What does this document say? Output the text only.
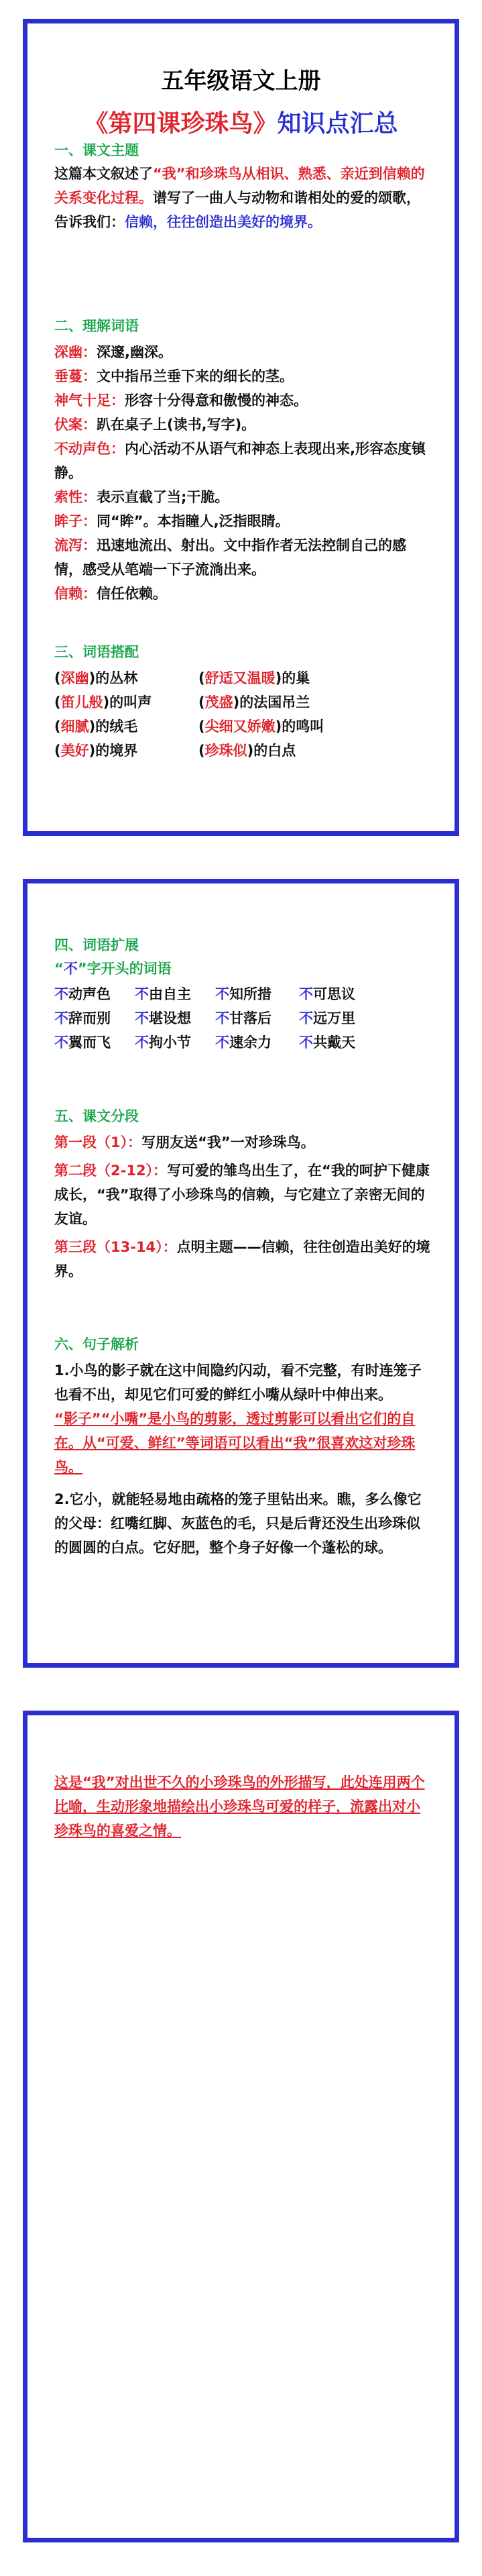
五年级语文上册
《第四课珍珠鸟》知识点汇总
一、课文主题

这篇本文叙述了“我”和珍珠鸟从相识、熟悉、亲近到信赖的关系变化过程。谱写了一曲人与动物和谐相处的爱的颂歌，告诉我们：信赖，往往创造出美好的境界。

二、理解词语

深幽：深邃,幽深。

垂蔓：文中指吊兰垂下来的细长的茎。

神气十足：形容十分得意和傲慢的神态。

伏案：趴在桌子上(读书,写字)。

不动声色：内心活动不从语气和神态上表现出来,形容态度镇静。

索性：表示直截了当;干脆。

眸子：同“眸”。本指瞳人,泛指眼睛。

流泻：迅速地流出、射出。文中指作者无法控制自己的感情，感受从笔端一下子流淌出来。

信赖：信任依赖。

三、词语搭配
(深幽)的丛林	(舒适又温暖)的巢
(笛儿般)的叫声	(茂盛)的法国吊兰
(细腻)的绒毛	(尖细又娇嫩)的鸣叫
(美好)的境界	(珍珠似)的白点
四、词语扩展
“不”字开头的词语
不动声色	不由自主	不知所措	不可思议
不辞而别	不堪设想	不甘落后	不远万里
不翼而飞	不拘小节	不速余力	不共戴天
五、课文分段

第一段（1）：写朋友送“我”一对珍珠鸟。

第二段（2-12）：写可爱的雏鸟出生了，在“我的呵护下健康成长，“我”取得了小珍珠鸟的信赖，与它建立了亲密无间的友谊。

第三段（13-14）：点明主题——信赖，往往创造出美好的境界。

六、句子解析

1.小鸟的影子就在这中间隐约闪动，看不完整，有时连笼子也看不出，却见它们可爱的鲜红小嘴从绿叶中伸出来。

“影子”“小嘴”是小鸟的剪影，透过剪影可以看出它们的自在。从“可爱、鲜红”等词语可以看出“我”很喜欢这对珍珠鸟。

2.它小，就能轻易地由疏格的笼子里钻出来。瞧，多么像它的父母：红嘴红脚、灰蓝色的毛，只是后背还没生出珍珠似的圆圆的白点。它好肥，整个身子好像一个蓬松的球。

这是“我”对出世不久的小珍珠鸟的外形描写，此处连用两个比喻，生动形象地描绘出小珍珠鸟可爱的样子，流露出对小珍珠鸟的喜爱之情。
